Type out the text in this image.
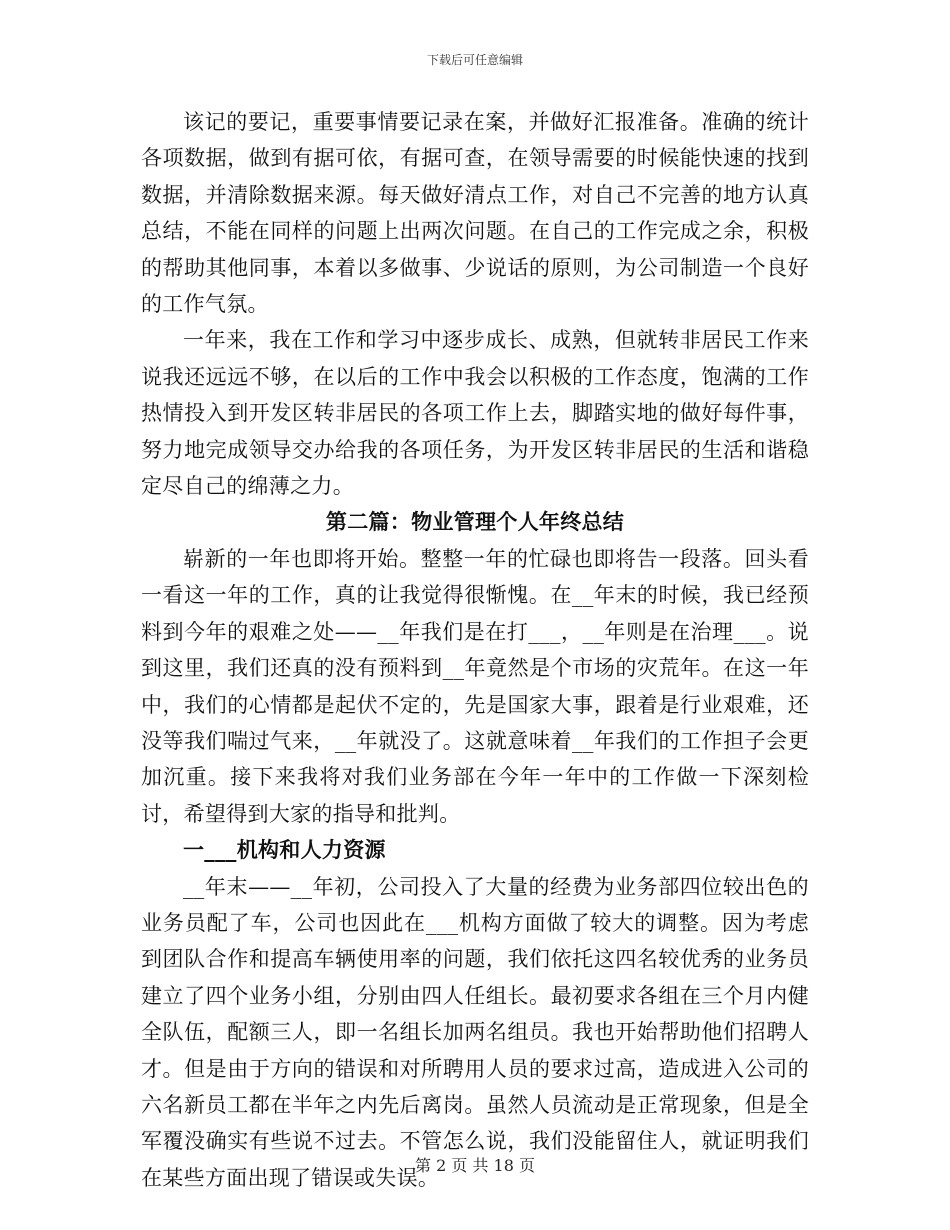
下载后可任意编辑

该记的要记，重要事情要记录在案，并做好汇报准备。准确的统计各项数据，做到有据可依，有据可查，在领导需要的时候能快速的找到数据，并清除数据来源。每天做好清点工作，对自己不完善的地方认真总结，不能在同样的问题上出两次问题。在自己的工作完成之余，积极的帮助其他同事，本着以多做事、少说话的原则，为公司制造一个良好的工作气氛。

一年来，我在工作和学习中逐步成长、成熟，但就转非居民工作来说我还远远不够，在以后的工作中我会以积极的工作态度，饱满的工作热情投入到开发区转非居民的各项工作上去，脚踏实地的做好每件事，努力地完成领导交办给我的各项任务，为开发区转非居民的生活和谐稳定尽自己的绵薄之力。

第二篇：物业管理个人年终总结

崭新的一年也即将开始。整整一年的忙碌也即将告一段落。回头看一看这一年的工作，真的让我觉得很惭愧。在__年末的时候，我已经预料到今年的艰难之处——__年我们是在打___，__年则是在治理___。说到这里，我们还真的没有预料到__年竟然是个市场的灾荒年。在这一年中，我们的心情都是起伏不定的，先是国家大事，跟着是行业艰难，还没等我们喘过气来，__年就没了。这就意味着__年我们的工作担子会更加沉重。接下来我将对我们业务部在今年一年中的工作做一下深刻检讨，希望得到大家的指导和批判。

一___机构和人力资源

__年末——__年初，公司投入了大量的经费为业务部四位较出色的业务员配了车，公司也因此在___机构方面做了较大的调整。因为考虑到团队合作和提高车辆使用率的问题，我们依托这四名较优秀的业务员建立了四个业务小组，分别由四人任组长。最初要求各组在三个月内健全队伍，配额三人，即一名组长加两名组员。我也开始帮助他们招聘人才。但是由于方向的错误和对所聘用人员的要求过高，造成进入公司的六名新员工都在半年之内先后离岗。虽然人员流动是正常现象，但是全军覆没确实有些说不过去。不管怎么说，我们没能留住人，就证明我们在某些方面出现了错误或失误。

第 2 页 共 18 页
